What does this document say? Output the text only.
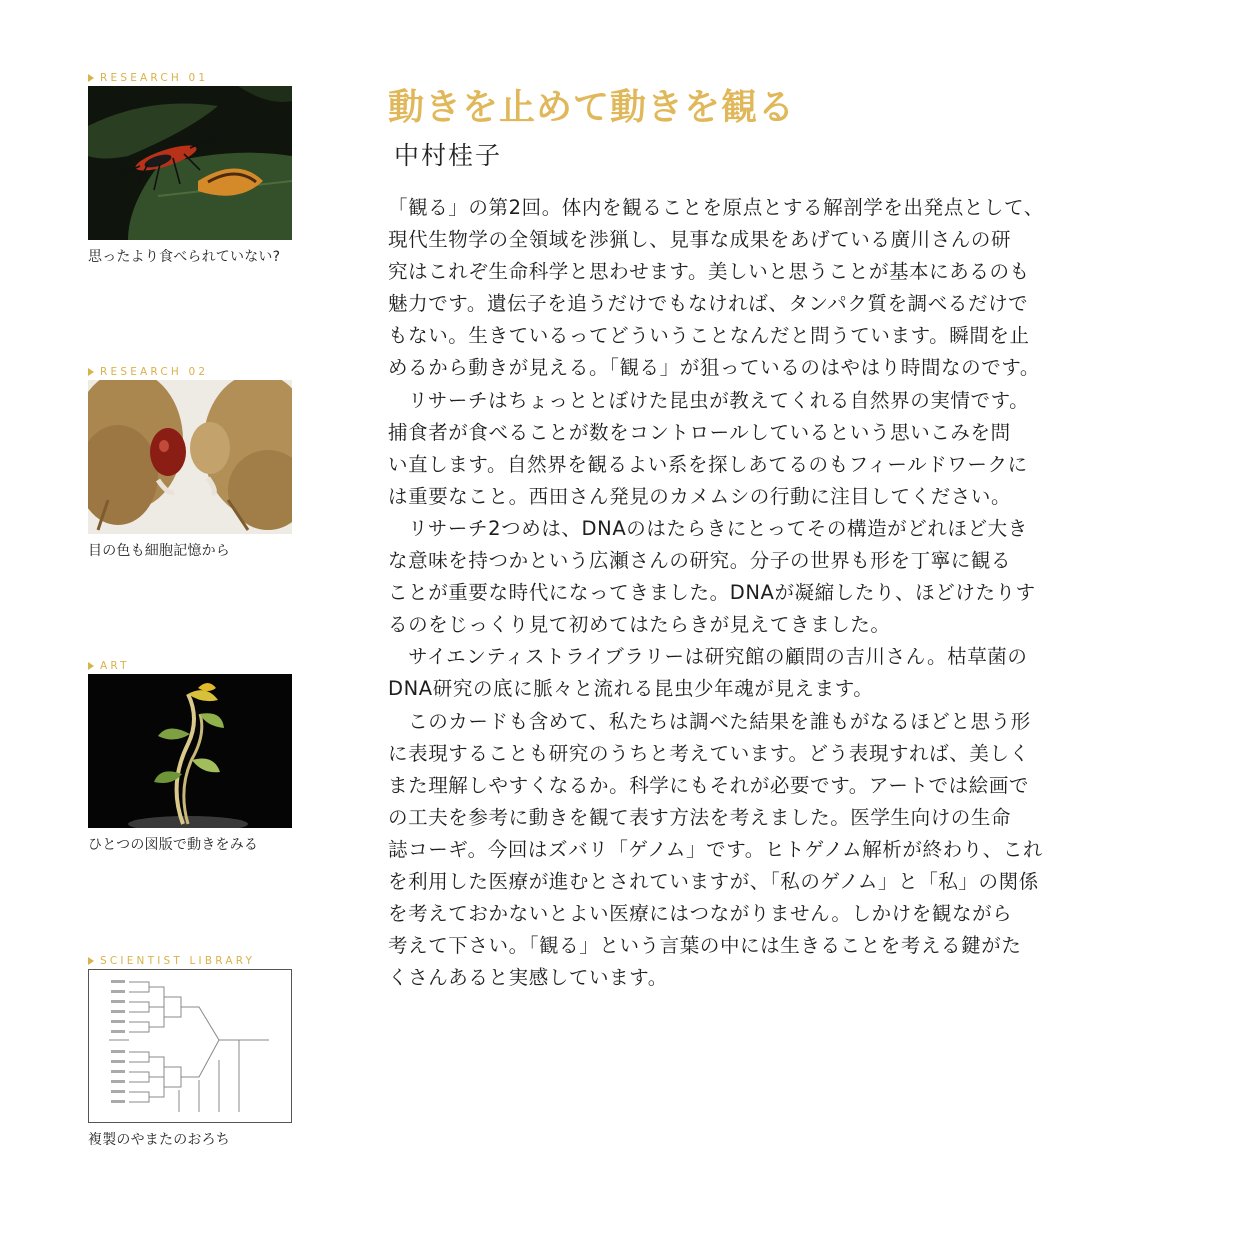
RESEARCH 01
思ったより食べられていない?
RESEARCH 02
目の色も細胞記憶から
ART
ひとつの図版で動きをみる
SCIENTIST LIBRARY
複製のやまたのおろち
動きを止めて動きを観る
中村桂子
「観る」の第2回。体内を観ることを原点とする解剖学を出発点として、
現代生物学の全領域を渉猟し、見事な成果をあげている廣川さんの研
究はこれぞ生命科学と思わせます。美しいと思うことが基本にあるのも
魅力です。遺伝子を追うだけでもなければ、タンパク質を調べるだけで
もない。生きているってどういうことなんだと問うています。瞬間を止
めるから動きが見える。「観る」が狙っているのはやはり時間なのです。
　リサーチはちょっととぼけた昆虫が教えてくれる自然界の実情です。
捕食者が食べることが数をコントロールしているという思いこみを問
い直します。自然界を観るよい系を探しあてるのもフィールドワークに
は重要なこと。西田さん発見のカメムシの行動に注目してください。
　リサーチ2つめは、DNAのはたらきにとってその構造がどれほど大き
な意味を持つかという広瀬さんの研究。分子の世界も形を丁寧に観る
ことが重要な時代になってきました。DNAが凝縮したり、ほどけたりす
るのをじっくり見て初めてはたらきが見えてきました。
　サイエンティストライブラリーは研究館の顧問の吉川さん。枯草菌の
DNA研究の底に脈々と流れる昆虫少年魂が見えます。
　このカードも含めて、私たちは調べた結果を誰もがなるほどと思う形
に表現することも研究のうちと考えています。どう表現すれば、美しく
また理解しやすくなるか。科学にもそれが必要です。アートでは絵画で
の工夫を参考に動きを観て表す方法を考えました。医学生向けの生命
誌コーギ。今回はズバリ「ゲノム」です。ヒトゲノム解析が終わり、これ
を利用した医療が進むとされていますが、「私のゲノム」と「私」の関係
を考えておかないとよい医療にはつながりません。しかけを観ながら
考えて下さい。「観る」という言葉の中には生きることを考える鍵がた
くさんあると実感しています。
